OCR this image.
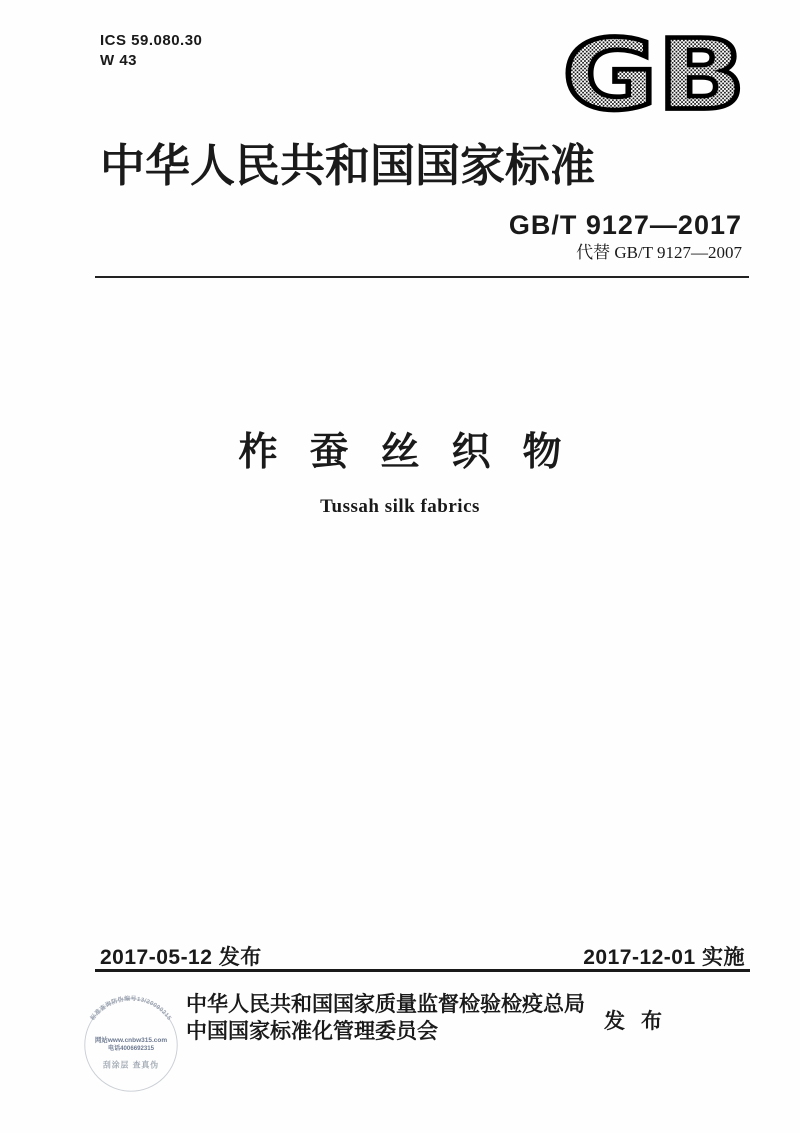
ICS 59.080.30
W 43	GB
中华人民共和国国家标准
GB/T 9127—2017
代替 GB/T 9127—2007
柞蚕丝织物
Tussah silk fabrics
2017-05-12 发布	2017-12-01 实施
中华人民共和国国家质量监督检验检疫总局
中国国家标准化管理委员会	发布
标准查询防伪编号13/20090215
网站www.cnbw315.com
电话4006692315
刮涂层 查真伪
